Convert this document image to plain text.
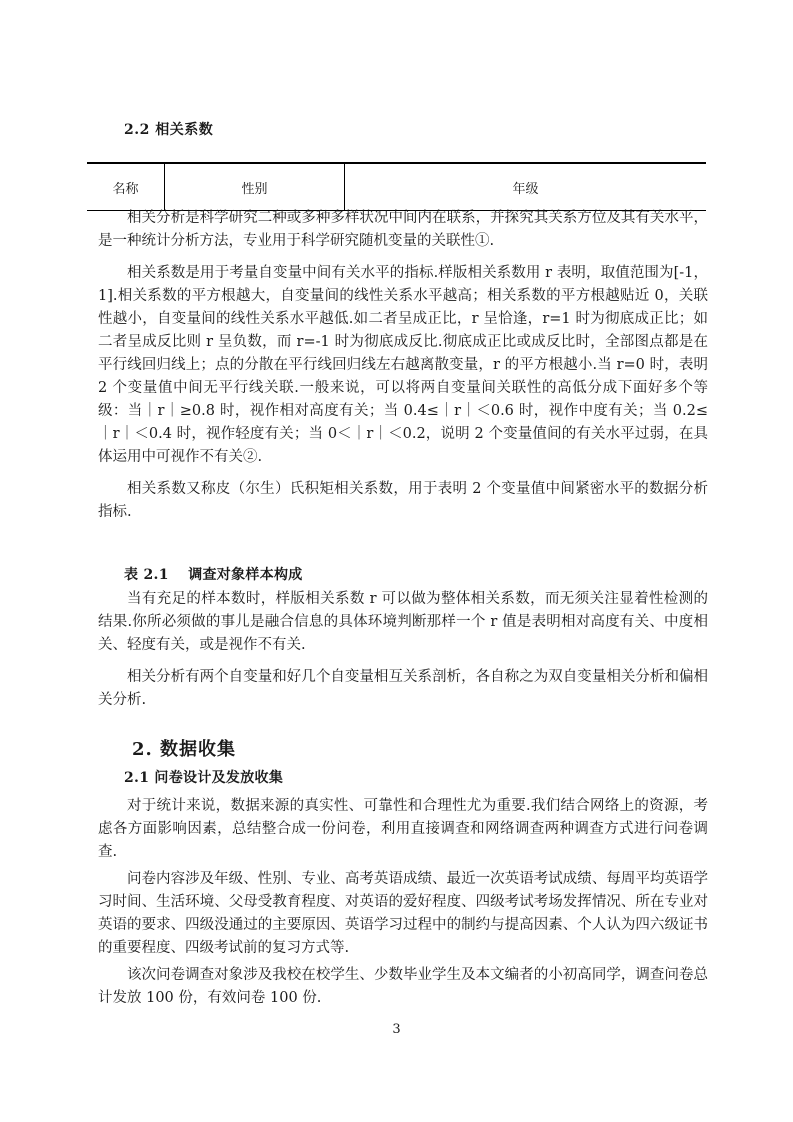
2.2 相关系数
名称	性别	年级

相关分析是科学研究二种或多种多样状况中间内在联系，并探究其关系方位及其有关水平，是一种统计分析方法，专业用于科学研究随机变量的关联性①.

相关系数是用于考量自变量中间有关水平的指标.样版相关系数用 r 表明，取值范围为[-1，1].相关系数的平方根越大，自变量间的线性关系水平越高；相关系数的平方根越贴近 0，关联性越小，自变量间的线性关系水平越低.如二者呈成正比，r 呈恰逢，r=1 时为彻底成正比；如二者呈成反比则 r 呈负数，而 r=-1 时为彻底成反比.彻底成正比或成反比时，全部图点都是在平行线回归线上；点的分散在平行线回归线左右越离散变量，r 的平方根越小.当 r=0 时，表明 2 个变量值中间无平行线关联.一般来说，可以将两自变量间关联性的高低分成下面好多个等级：当｜r｜≥0.8 时，视作相对高度有关；当 0.4≤｜r｜＜0.6 时，视作中度有关；当 0.2≤｜r｜＜0.4 时，视作轻度有关；当 0＜｜r｜＜0.2，说明 2 个变量值间的有关水平过弱，在具体运用中可视作不有关②.

相关系数又称皮（尔生）氏积矩相关系数，用于表明 2 个变量值中间紧密水平的数据分析指标.

表 2.1　 调查对象样本构成

当有充足的样本数时，样版相关系数 r 可以做为整体相关系数，而无须关注显着性检测的结果.你所必须做的事儿是融合信息的具体环境判断那样一个 r 值是表明相对高度有关、中度相关、轻度有关，或是视作不有关.

相关分析有两个自变量和好几个自变量相互关系剖析，各自称之为双自变量相关分析和偏相关分析.

2. 数据收集

2.1 问卷设计及发放收集

对于统计来说，数据来源的真实性、可靠性和合理性尤为重要.我们结合网络上的资源，考虑各方面影响因素，总结整合成一份问卷，利用直接调查和网络调查两种调查方式进行问卷调查.

问卷内容涉及年级、性别、专业、高考英语成绩、最近一次英语考试成绩、每周平均英语学习时间、生活环境、父母受教育程度、对英语的爱好程度、四级考试考场发挥情况、所在专业对英语的要求、四级没通过的主要原因、英语学习过程中的制约与提高因素、个人认为四六级证书的重要程度、四级考试前的复习方式等.

该次问卷调查对象涉及我校在校学生、少数毕业学生及本文编者的小初高同学，调查问卷总计发放 100 份，有效问卷 100 份.

3
